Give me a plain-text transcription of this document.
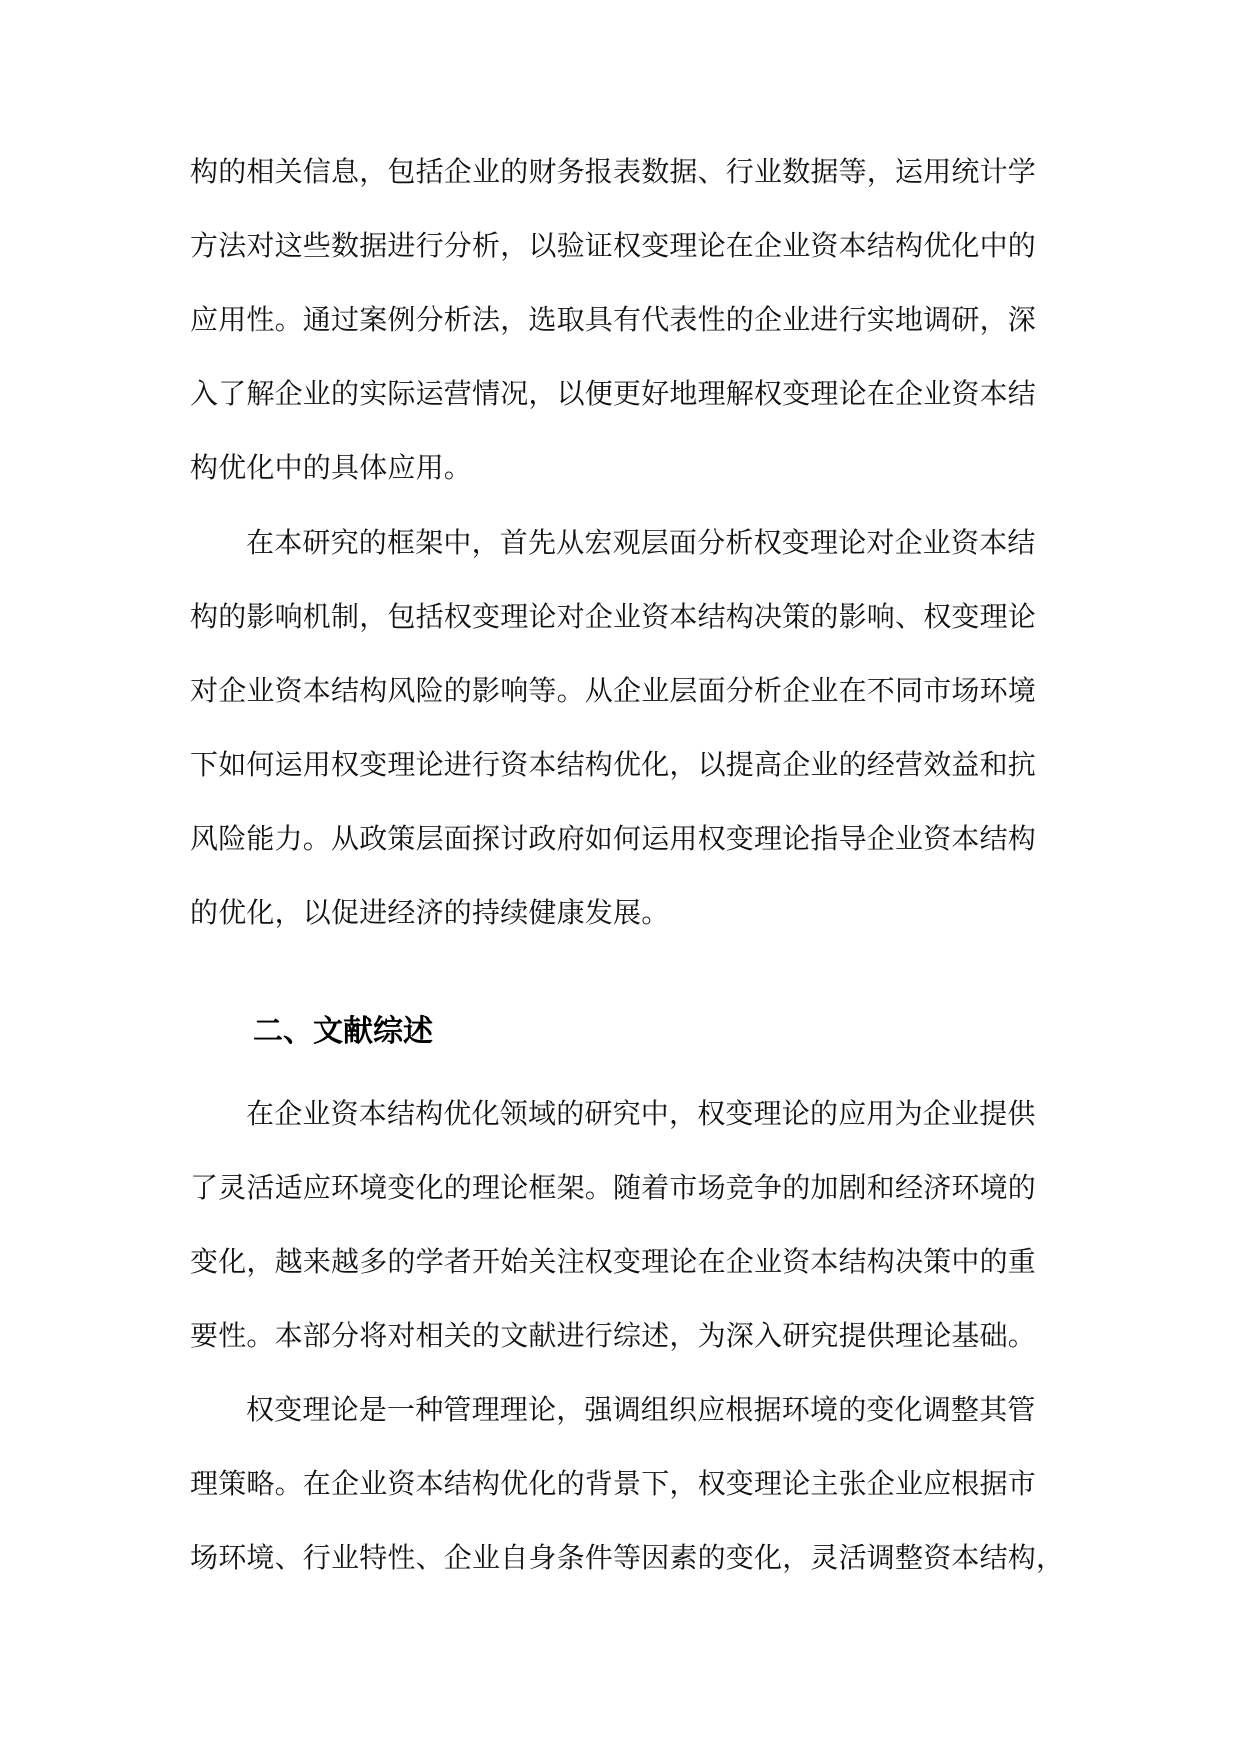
构的相关信息，包括企业的财务报表数据、行业数据等，运用统计学
方法对这些数据进行分析，以验证权变理论在企业资本结构优化中的
应用性。通过案例分析法，选取具有代表性的企业进行实地调研，深
入了解企业的实际运营情况，以便更好地理解权变理论在企业资本结
构优化中的具体应用。
在本研究的框架中，首先从宏观层面分析权变理论对企业资本结
构的影响机制，包括权变理论对企业资本结构决策的影响、权变理论
对企业资本结构风险的影响等。从企业层面分析企业在不同市场环境
下如何运用权变理论进行资本结构优化，以提高企业的经营效益和抗
风险能力。从政策层面探讨政府如何运用权变理论指导企业资本结构
的优化，以促进经济的持续健康发展。
二、文献综述
在企业资本结构优化领域的研究中，权变理论的应用为企业提供
了灵活适应环境变化的理论框架。随着市场竞争的加剧和经济环境的
变化，越来越多的学者开始关注权变理论在企业资本结构决策中的重
要性。本部分将对相关的文献进行综述，为深入研究提供理论基础。
权变理论是一种管理理论，强调组织应根据环境的变化调整其管
理策略。在企业资本结构优化的背景下，权变理论主张企业应根据市
场环境、行业特性、企业自身条件等因素的变化，灵活调整资本结构，
